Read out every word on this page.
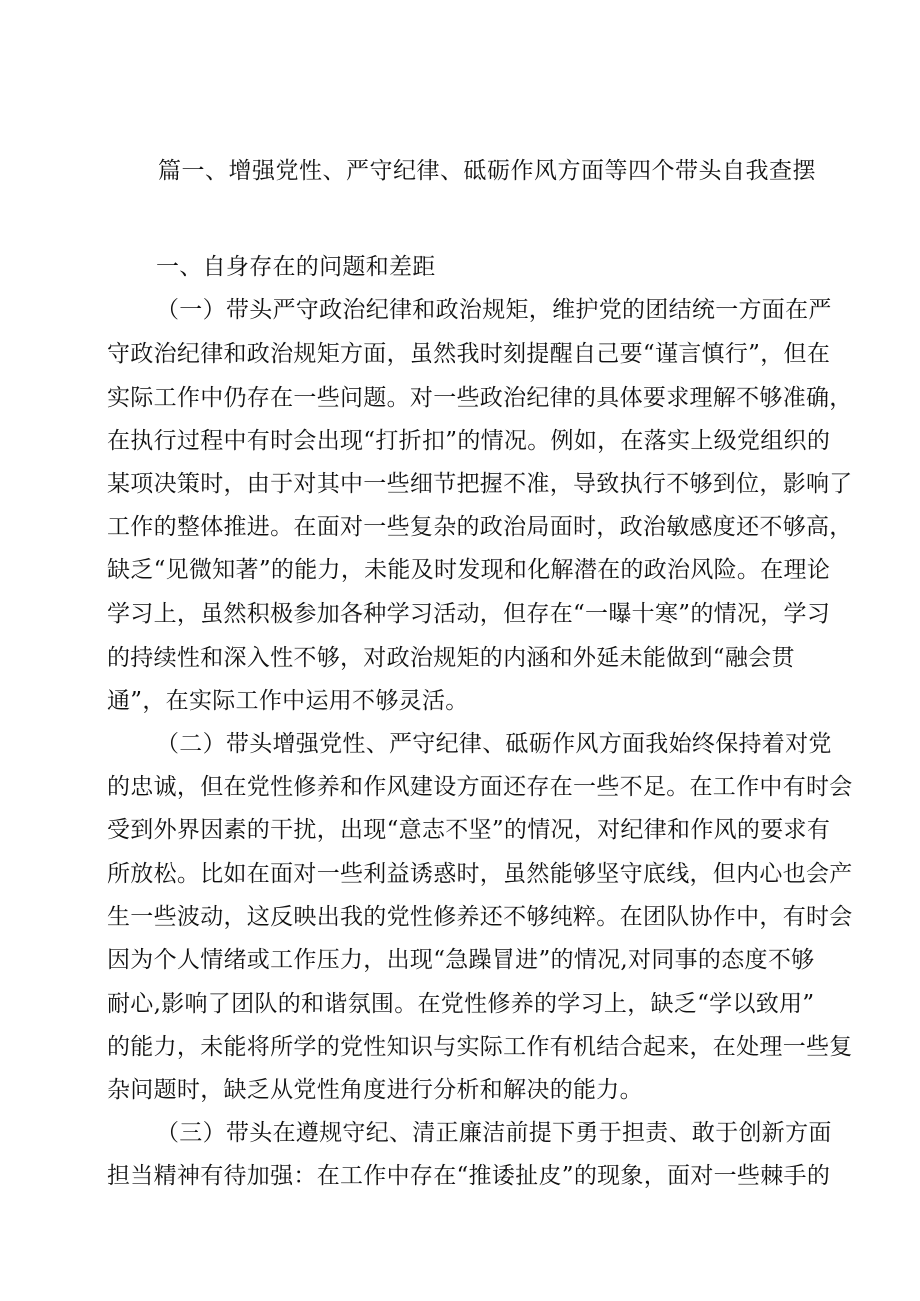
篇一、增强党性、严守纪律、砥砺作风方面等四个带头自我查摆
一、自身存在的问题和差距
（一）带头严守政治纪律和政治规矩，维护党的团结统一方面在严
守政治纪律和政治规矩方面，虽然我时刻提醒自己要“谨言慎行”，但在
实际工作中仍存在一些问题。对一些政治纪律的具体要求理解不够准确，
在执行过程中有时会出现“打折扣”的情况。例如，在落实上级党组织的
某项决策时，由于对其中一些细节把握不准，导致执行不够到位，影响了
工作的整体推进。在面对一些复杂的政治局面时，政治敏感度还不够高，
缺乏“见微知著”的能力，未能及时发现和化解潜在的政治风险。在理论
学习上，虽然积极参加各种学习活动，但存在“一曝十寒”的情况，学习
的持续性和深入性不够，对政治规矩的内涵和外延未能做到“融会贯
通”，在实际工作中运用不够灵活。
（二）带头增强党性、严守纪律、砥砺作风方面我始终保持着对党
的忠诚，但在党性修养和作风建设方面还存在一些不足。在工作中有时会
受到外界因素的干扰，出现“意志不坚”的情况，对纪律和作风的要求有
所放松。比如在面对一些利益诱惑时，虽然能够坚守底线，但内心也会产
生一些波动，这反映出我的党性修养还不够纯粹。在团队协作中，有时会
因为个人情绪或工作压力，出现“急躁冒进”的情况,对同事的态度不够
耐心,影响了团队的和谐氛围。在党性修养的学习上，缺乏“学以致用”
的能力，未能将所学的党性知识与实际工作有机结合起来，在处理一些复
杂问题时，缺乏从党性角度进行分析和解决的能力。
（三）带头在遵规守纪、清正廉洁前提下勇于担责、敢于创新方面
担当精神有待加强：在工作中存在“推诿扯皮”的现象，面对一些棘手的
